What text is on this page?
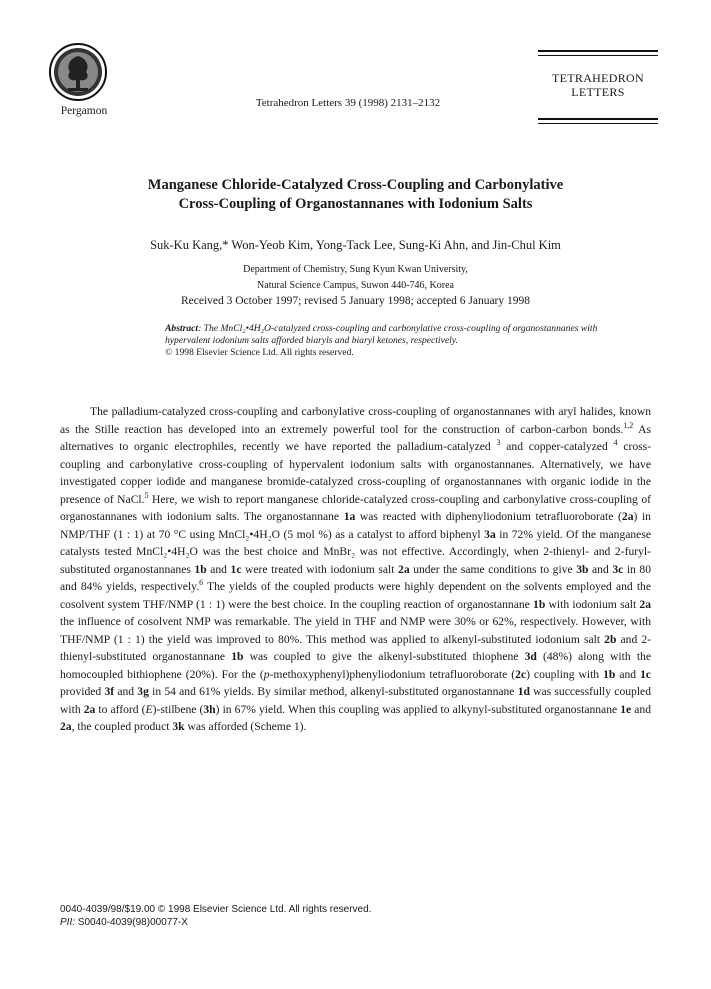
Pergamon
Tetrahedron Letters 39 (1998) 2131–2132
TETRAHEDRON
LETTERS
Manganese Chloride-Catalyzed Cross-Coupling and Carbonylative
Cross-Coupling of Organostannanes with Iodonium Salts
Suk-Ku Kang,* Won-Yeob Kim, Yong-Tack Lee, Sung-Ki Ahn, and Jin-Chul Kim
Department of Chemistry, Sung Kyun Kwan University,
Natural Science Campus, Suwon 440-746, Korea
Received 3 October 1997; revised 5 January 1998; accepted 6 January 1998
Abstract: The MnCl₂•4H₂O-catalyzed cross-coupling and carbonylative cross-coupling of organostannanes with hypervalent iodonium salts afforded biaryls and biaryl ketones, respectively.
© 1998 Elsevier Science Ltd. All rights reserved.

The palladium-catalyzed cross-coupling and carbonylative cross-coupling of organostannanes with aryl halides, known as the Stille reaction has developed into an extremely powerful tool for the construction of carbon-carbon bonds.$^{1,2}$ As alternatives to organic electrophiles, recently we have reported the palladium-catalyzed $^3$ and copper-catalyzed $^4$ cross-coupling and carbonylative cross-coupling of hypervalent iodonium salts with organostannanes. Alternatively, we have investigated copper iodide and manganese bromide-catalyzed cross-coupling of organostannanes with organic iodide in the presence of NaCl.$^5$ Here, we wish to report manganese chloride-catalyzed cross-coupling and carbonylative cross-coupling of organostannanes with iodonium salts. The organostannane 1a was reacted with diphenyliodonium tetrafluoroborate (2a) in NMP/THF (1 : 1) at 70 °C using MnCl₂•4H₂O (5 mol %) as a catalyst to afford biphenyl 3a in 72% yield. Of the manganese catalysts tested MnCl₂•4H₂O was the best choice and MnBr₂ was not effective. Accordingly, when 2-thienyl- and 2-furyl-substituted organostannanes 1b and 1c were treated with iodonium salt 2a under the same conditions to give 3b and 3c in 80 and 84% yields, respectively.$^6$ The yields of the coupled products were highly dependent on the solvents employed and the cosolvent system THF/NMP (1 : 1) were the best choice. In the coupling reaction of organostannane 1b with iodonium salt 2a the influence of cosolvent NMP was remarkable. The yield in THF and NMP were 30% or 62%, respectively. However, with THF/NMP (1 : 1) the yield was improved to 80%. This method was applied to alkenyl-substituted iodonium salt 2b and 2-thienyl-substituted organostannane 1b was coupled to give the alkenyl-substituted thiophene 3d (48%) along with the homocoupled bithiophene (20%). For the (p-methoxyphenyl)phenyliodonium tetrafluoroborate (2c) coupling with 1b and 1c provided 3f and 3g in 54 and 61% yields. By similar method, alkenyl-substituted organostannane 1d was successfully coupled with 2a to afford (E)-stilbene (3h) in 67% yield. When this coupling was applied to alkynyl-substituted organostannane 1e and 2a, the coupled product 3k was afforded (Scheme 1).

0040-4039/98/$19.00 © 1998 Elsevier Science Ltd. All rights reserved.
PII: S0040-4039(98)00077-X
